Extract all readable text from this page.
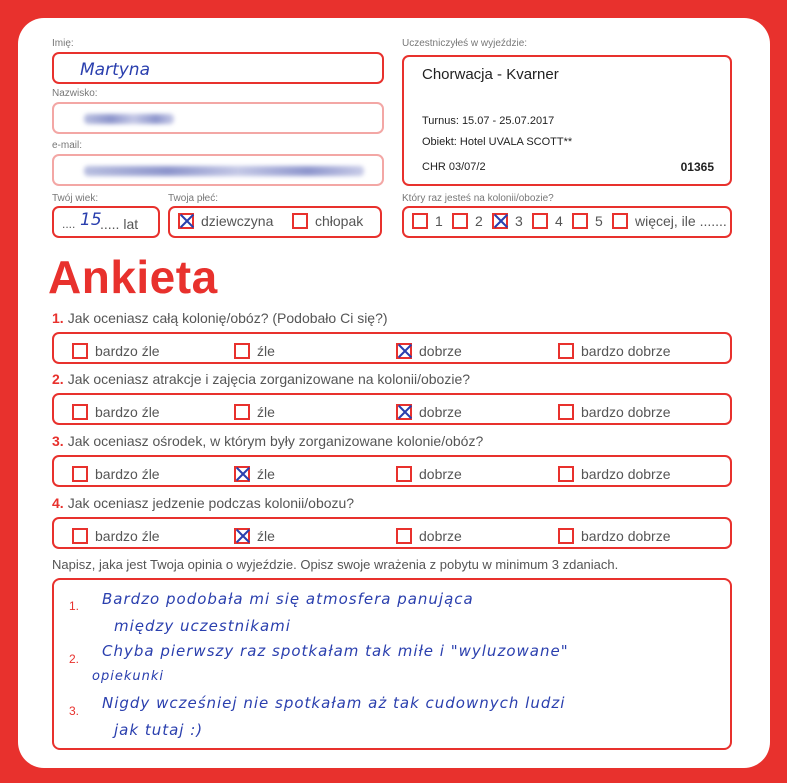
Imię:
Martyna
Nazwisko:
e-mail:
Twój wiek:
.... 15
..... lat
Twoja płeć:
dziewczyna	chłopak
Uczestniczyłeś w wyjeździe:
Chorwacja - Kvarner
Turnus: 15.07 - 25.07.2017
Obiekt: Hotel UVALA SCOTT**
CHR 03/07/2	01365
Który raz jesteś na kolonii/obozie?
1	2	3	4	5	więcej, ile .......
Ankieta
1. Jak oceniasz całą kolonię/obóz? (Podobało Ci się?)
bardzo źle	źle	dobrze	bardzo dobrze
2. Jak oceniasz atrakcje i zajęcia zorganizowane na kolonii/obozie?
bardzo źle	źle	dobrze	bardzo dobrze
3. Jak oceniasz ośrodek, w którym były zorganizowane kolonie/obóz?
bardzo źle	źle	dobrze	bardzo dobrze
4. Jak oceniasz jedzenie podczas kolonii/obozu?
bardzo źle	źle	dobrze	bardzo dobrze
Napisz, jaka jest Twoja opinia o wyjeździe. Opisz swoje wrażenia z pobytu w minimum 3 zdaniach.
1. Bardzo podobała mi się atmosfera panująca
między uczestnikami
2. Chyba pierwszy raz spotkałam tak miłe i "wyluzowane"
opiekunki
3. Nigdy wcześniej nie spotkałam aż tak cudownych ludzi
jak tutaj :)
